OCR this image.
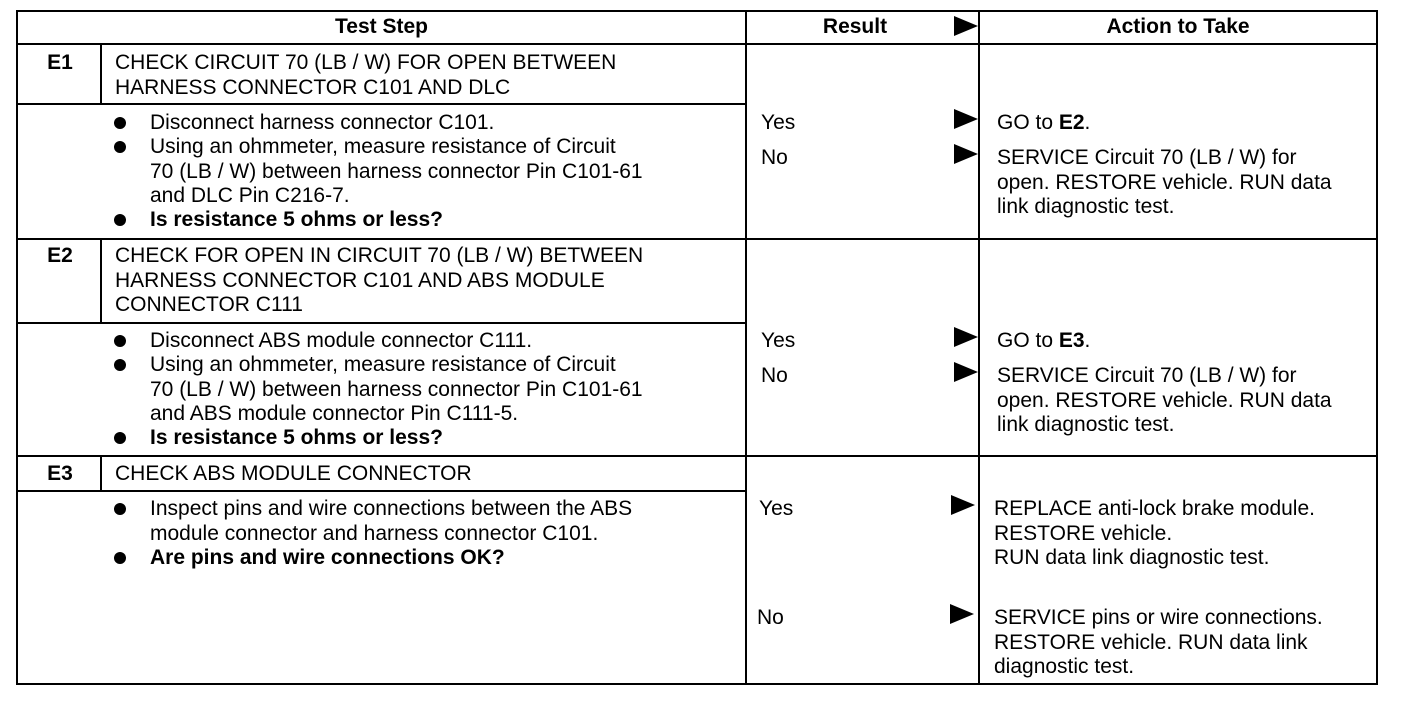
Test Step	Result	Action to Take
E1	CHECK CIRCUIT 70 (LB / W) FOR OPEN BETWEEN
HARNESS CONNECTOR C101 AND DLC
Disconnect harness connector C101.
Using an ohmmeter, measure resistance of Circuit
70 (LB / W) between harness connector Pin C101-61
and DLC Pin C216-7.
Is resistance 5 ohms or less?
Yes	GO to E2.
No	SERVICE Circuit 70 (LB / W) for
open. RESTORE vehicle. RUN data
link diagnostic test.
E2	CHECK FOR OPEN IN CIRCUIT 70 (LB / W) BETWEEN
HARNESS CONNECTOR C101 AND ABS MODULE
CONNECTOR C111
Disconnect ABS module connector C111.
Using an ohmmeter, measure resistance of Circuit
70 (LB / W) between harness connector Pin C101-61
and ABS module connector Pin C111-5.
Is resistance 5 ohms or less?
Yes	GO to E3.
No	SERVICE Circuit 70 (LB / W) for
open. RESTORE vehicle. RUN data
link diagnostic test.
E3	CHECK ABS MODULE CONNECTOR
Inspect pins and wire connections between the ABS
module connector and harness connector C101.
Are pins and wire connections OK?
Yes	REPLACE anti-lock brake module.
RESTORE vehicle.
RUN data link diagnostic test.
No	SERVICE pins or wire connections.
RESTORE vehicle. RUN data link
diagnostic test.
